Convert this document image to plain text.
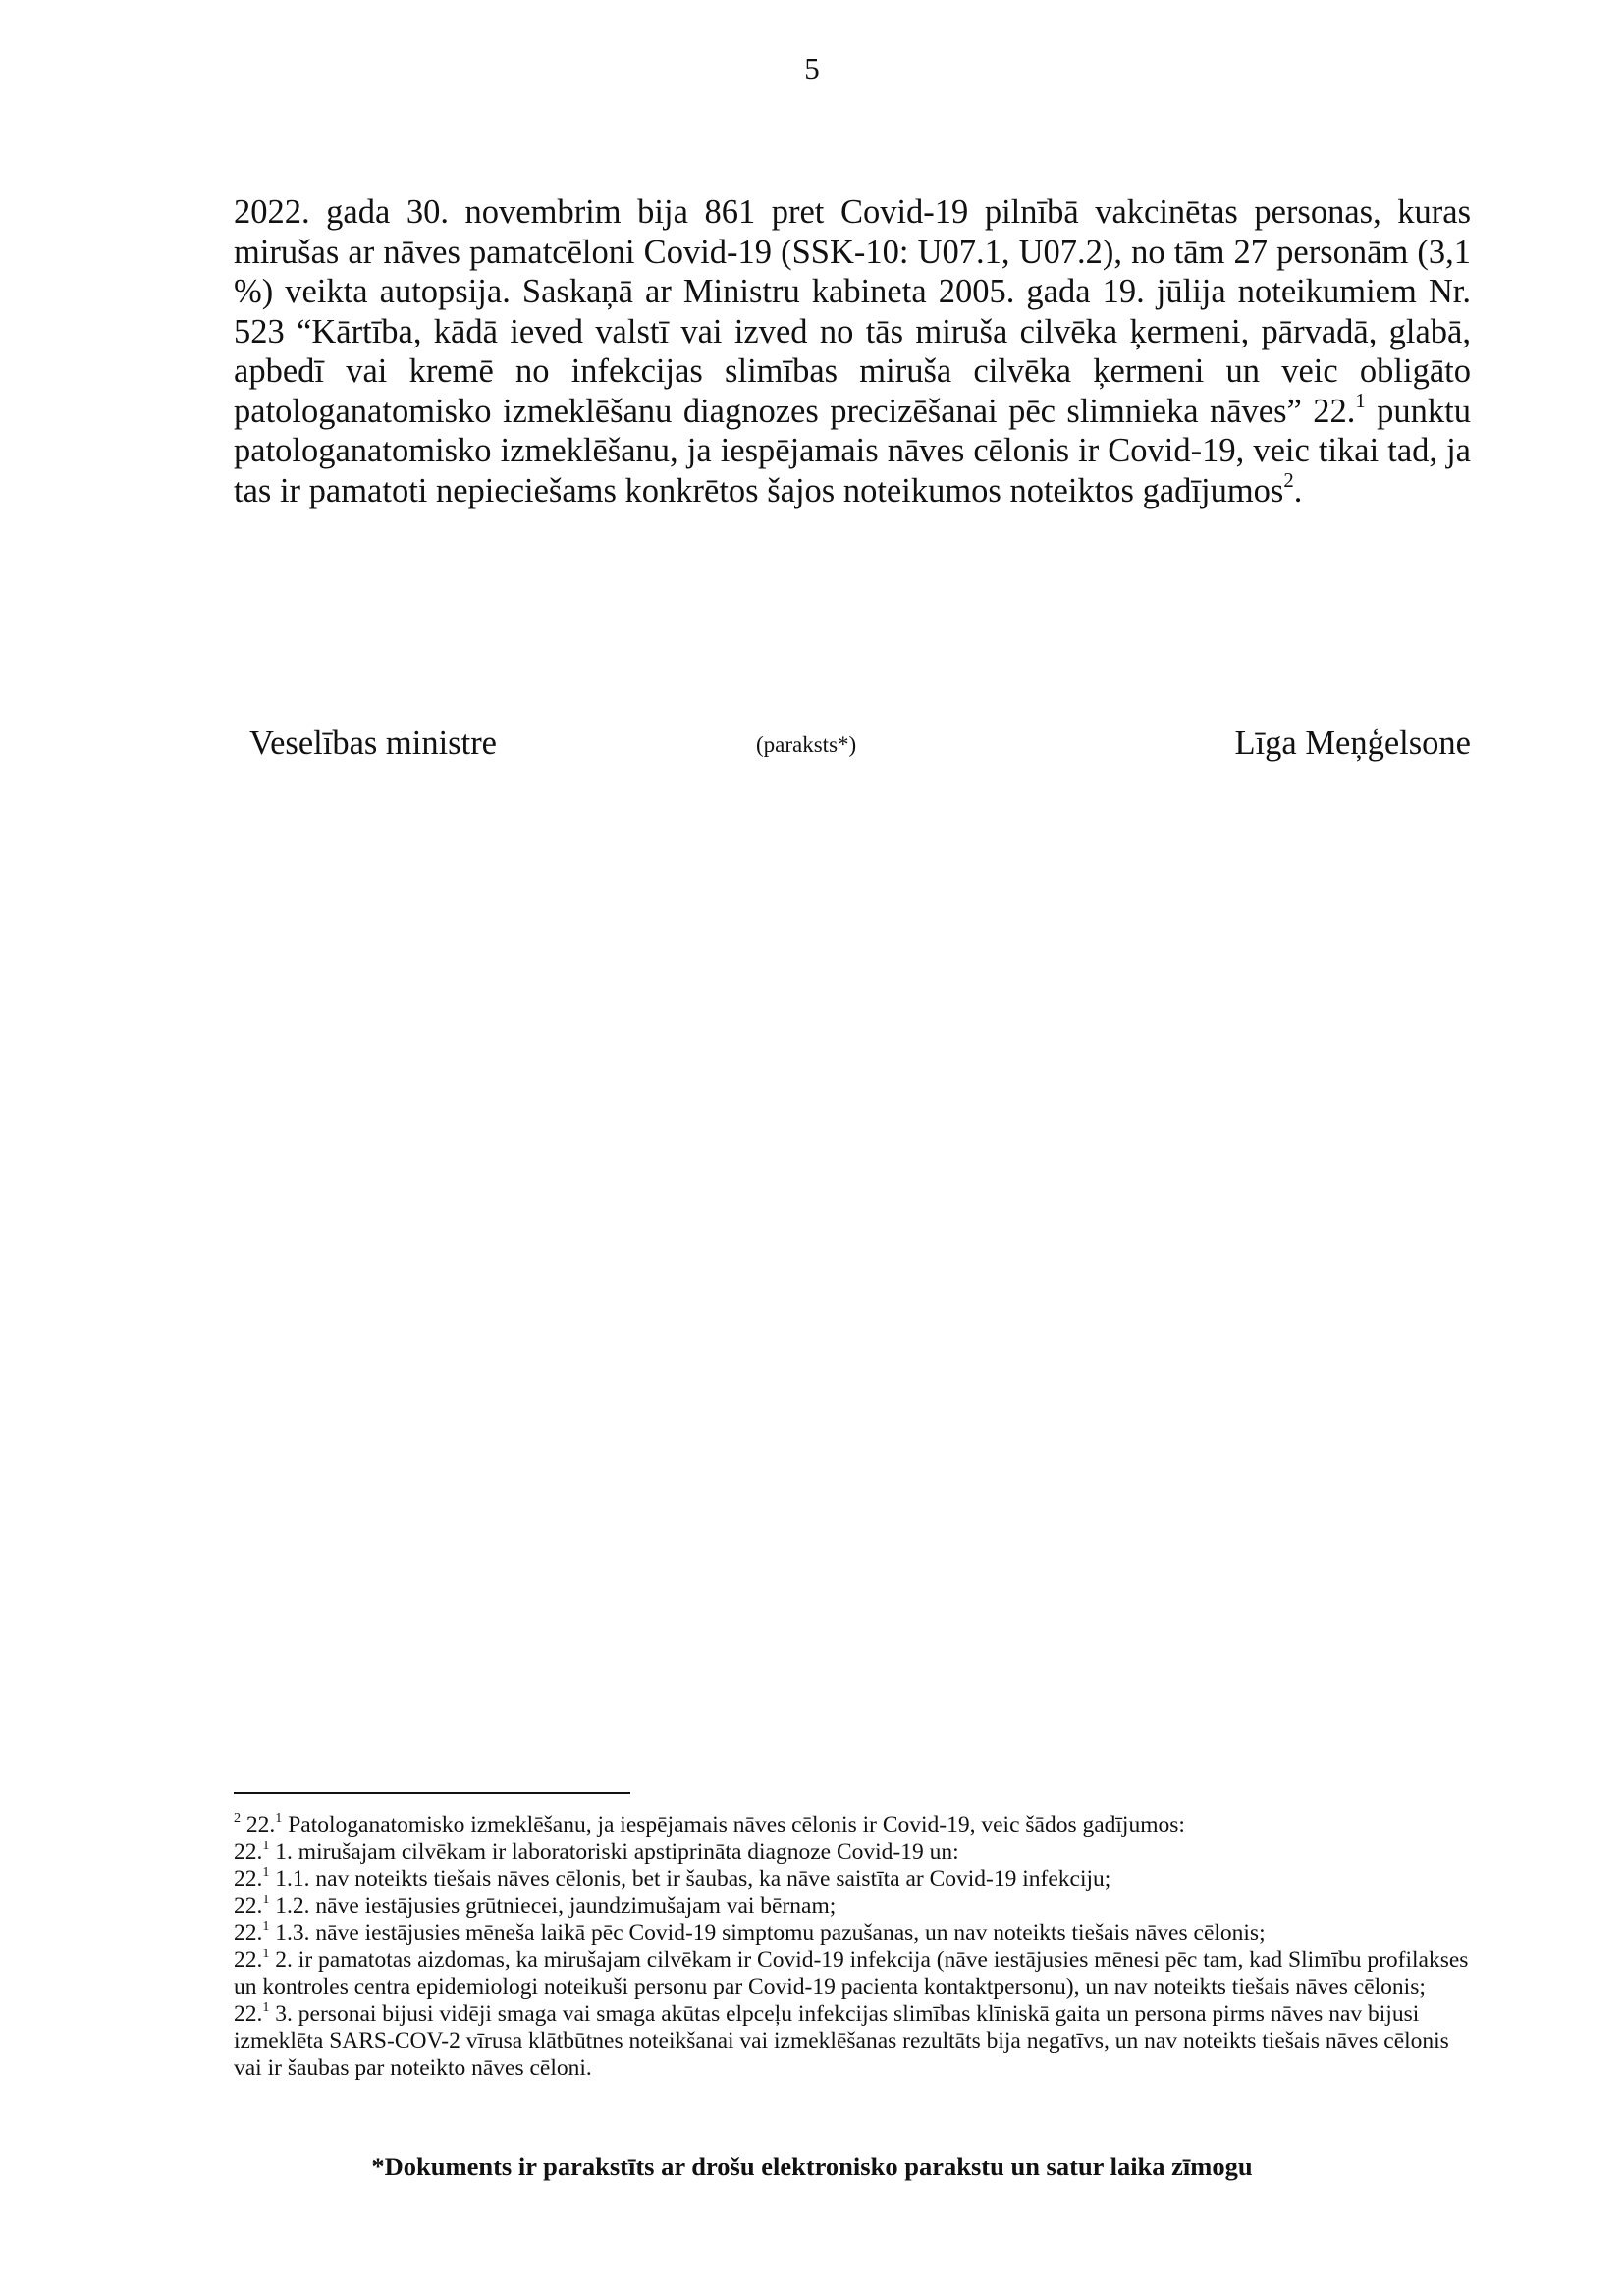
5

2022. gada 30. novembrim bija 861 pret Covid-19 pilnībā vakcinētas personas, kuras mirušas ar nāves pamatcēloni Covid-19 (SSK-10: U07.1, U07.2), no tām 27 personām (3,1 %) veikta autopsija. Saskaņā ar Ministru kabineta 2005. gada 19. jūlija noteikumiem Nr. 523 “Kārtība, kādā ieved valstī vai izved no tās miruša cilvēka ķermeni, pārvadā, glabā, apbedī vai kremē no infekcijas slimības miruša cilvēka ķermeni un veic obligāto patologanatomisko izmeklēšanu diagnozes precizēšanai pēc slimnieka nāves” 22.$^1$ punktu patologanatomisko izmeklēšanu, ja iespējamais nāves cēlonis ir Covid-19, veic tikai tad, ja tas ir pamatoti nepieciešams konkrētos šajos noteikumos noteiktos gadījumos$^2$.

Veselības ministre	(paraksts*)	Līga Meņģelsone
$^2$ 22.$^1$ Patologanatomisko izmeklēšanu, ja iespējamais nāves cēlonis ir Covid-19, veic šādos gadījumos:
22.$^1$ 1. mirušajam cilvēkam ir laboratoriski apstiprināta diagnoze Covid-19 un:
22.$^1$ 1.1. nav noteikts tiešais nāves cēlonis, bet ir šaubas, ka nāve saistīta ar Covid-19 infekciju;
22.$^1$ 1.2. nāve iestājusies grūtniecei, jaundzimušajam vai bērnam;
22.$^1$ 1.3. nāve iestājusies mēneša laikā pēc Covid-19 simptomu pazušanas, un nav noteikts tiešais nāves cēlonis;
22.$^1$ 2. ir pamatotas aizdomas, ka mirušajam cilvēkam ir Covid-19 infekcija (nāve iestājusies mēnesi pēc tam, kad Slimību profilakses un kontroles centra epidemiologi noteikuši personu par Covid-19 pacienta kontaktpersonu), un nav noteikts tiešais nāves cēlonis;
22.$^1$ 3. personai bijusi vidēji smaga vai smaga akūtas elpceļu infekcijas slimības klīniskā gaita un persona pirms nāves nav bijusi izmeklēta SARS-COV-2 vīrusa klātbūtnes noteikšanai vai izmeklēšanas rezultāts bija negatīvs, un nav noteikts tiešais nāves cēlonis vai ir šaubas par noteikto nāves cēloni.
*Dokuments ir parakstīts ar drošu elektronisko parakstu un satur laika zīmogu
